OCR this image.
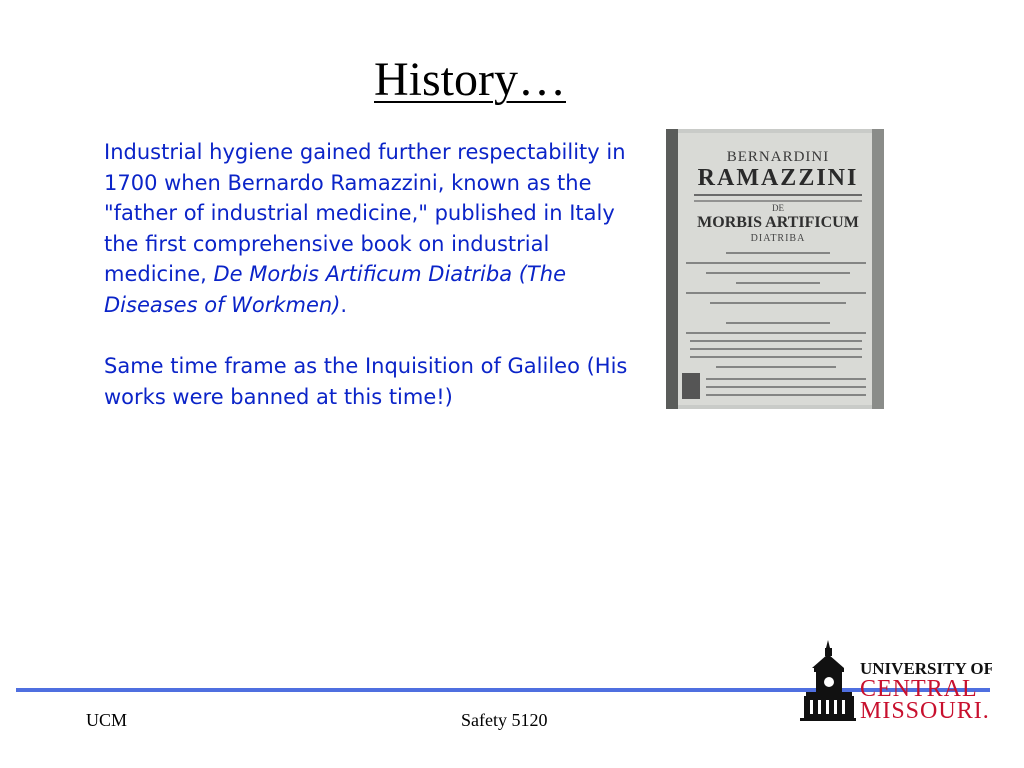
History…

Industrial hygiene gained further respectability in 1700 when Bernardo Ramazzini, known as the "father of industrial medicine," published in Italy the first comprehensive book on industrial medicine, De Morbis Artificum Diatriba (The Diseases of Workmen).

Same time frame as the Inquisition of Galileo (His works were banned at this time!)

BERNARDINI
RAMAZZINI
DE
MORBIS ARTIFICUM
DIATRIBA
UCM	Safety 5120
UNIVERSITY OF
CENTRAL
MISSOURI.
